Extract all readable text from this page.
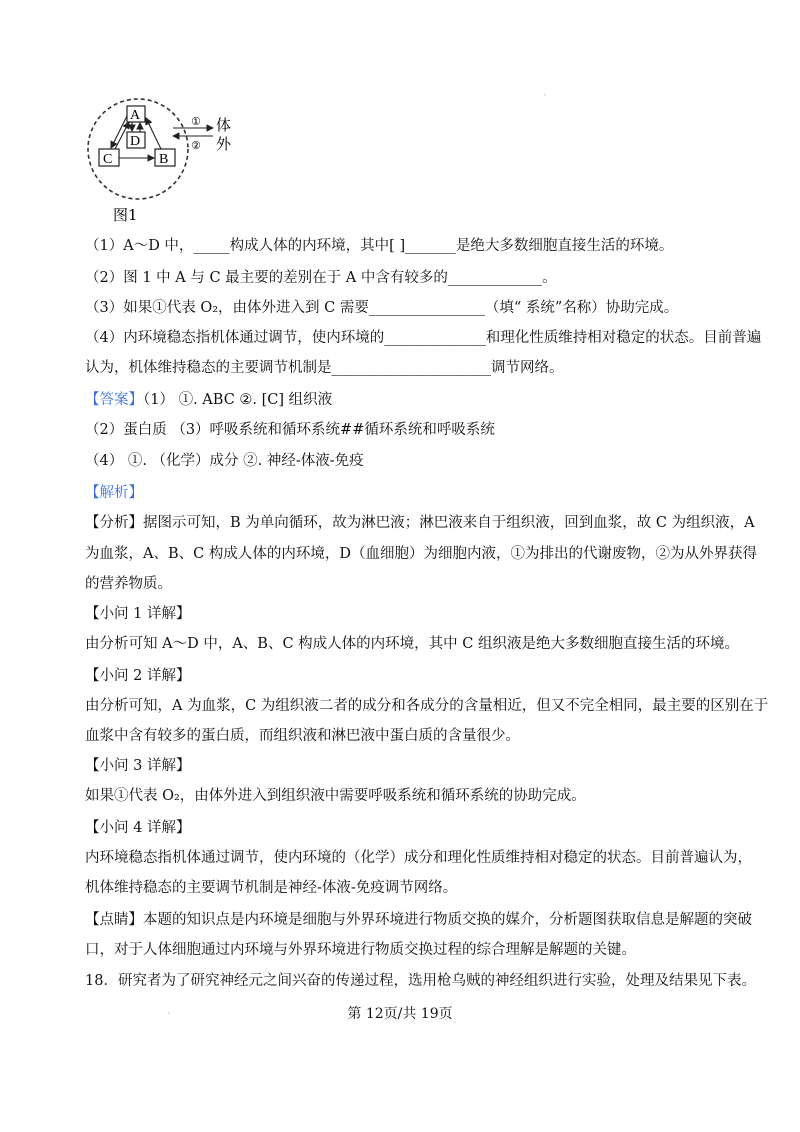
A
D
C	B
①
②
体
外
图1
'
（1）A～D 中，_____构成人体的内环境，其中[ ]_______是绝大多数细胞直接生活的环境。
（2）图 1 中 A 与 C 最主要的差别在于 A 中含有较多的_____________。
（3）如果①代表 O₂，由体外进入到 C 需要________________（填“ 系统”名称）协助完成。
（4）内环境稳态指机体通过调节，使内环境的______________和理化性质维持相对稳定的状态。目前普遍
认为，机体维持稳态的主要调节机制是______________________调节网络。
【答案】（1） ①. ABC ②. [C] 组织液
（2）蛋白质 （3）呼吸系统和循环系统##循环系统和呼吸系统
（4） ①. （化学）成分 ②. 神经-体液-免疫
【解析】
【分析】据图示可知，B 为单向循环，故为淋巴液；淋巴液来自于组织液，回到血浆，故 C 为组织液，A
为血浆，A、B、C 构成人体的内环境，D（血细胞）为细胞内液，①为排出的代谢废物，②为从外界获得
的营养物质。
【小问 1 详解】
由分析可知 A～D 中，A、B、C 构成人体的内环境，其中 C 组织液是绝大多数细胞直接生活的环境。
【小问 2 详解】
由分析可知，A 为血浆，C 为组织液二者的成分和各成分的含量相近，但又不完全相同，最主要的区别在于
血浆中含有较多的蛋白质，而组织液和淋巴液中蛋白质的含量很少。
【小问 3 详解】
如果①代表 O₂，由体外进入到组织液中需要呼吸系统和循环系统的协助完成。
【小问 4 详解】
内环境稳态指机体通过调节，使内环境的（化学）成分和理化性质维持相对稳定的状态。目前普遍认为，
机体维持稳态的主要调节机制是神经-体液-免疫调节网络。
【点睛】本题的知识点是内环境是细胞与外界环境进行物质交换的媒介，分析题图获取信息是解题的突破
口，对于人体细胞通过内环境与外界环境进行物质交换过程的综合理解是解题的关键。
18．研究者为了研究神经元之间兴奋的传递过程，选用枪乌贼的神经组织进行实验，处理及结果见下表。
'	第 12页/共 19页
